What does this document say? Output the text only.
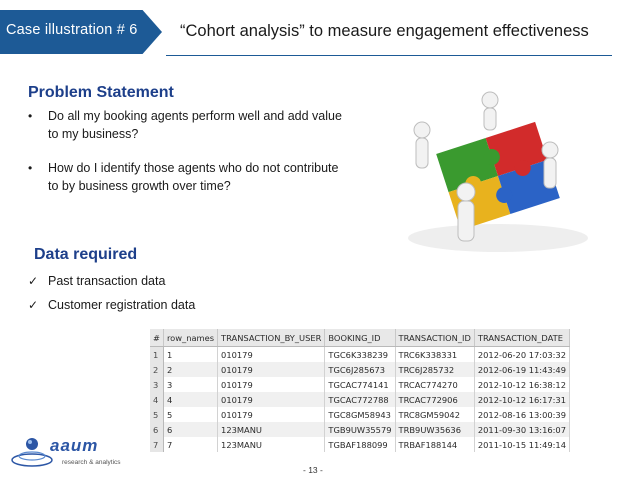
Case illustration # 6	“Cohort analysis” to measure engagement effectiveness
Problem Statement
• Do all my booking agents perform well and add value to my business?
• How do I identify those agents who do not contribute to by business growth over time?
Data required
✓ Past transaction data
✓ Customer registration data
#	row_names	TRANSACTION_BY_USER	BOOKING_ID	TRANSACTION_ID	TRANSACTION_DATE
1	1	010179	TGC6K338239	TRC6K338331	2012-06-20 17:03:32
2	2	010179	TGC6J285673	TRC6J285732	2012-06-19 11:43:49
3	3	010179	TGCAC774141	TRCAC774270	2012-10-12 16:38:12
4	4	010179	TGCAC772788	TRCAC772906	2012-10-12 16:17:31
5	5	010179	TGC8GM58943	TRC8GM59042	2012-08-16 13:00:39
6	6	123MANU	TGB9UW35579	TRB9UW35636	2011-09-30 13:16:07
7	7	123MANU	TGBAF188099	TRBAF188144	2011-10-15 11:49:14
aaum
research & analytics
- 13 -
